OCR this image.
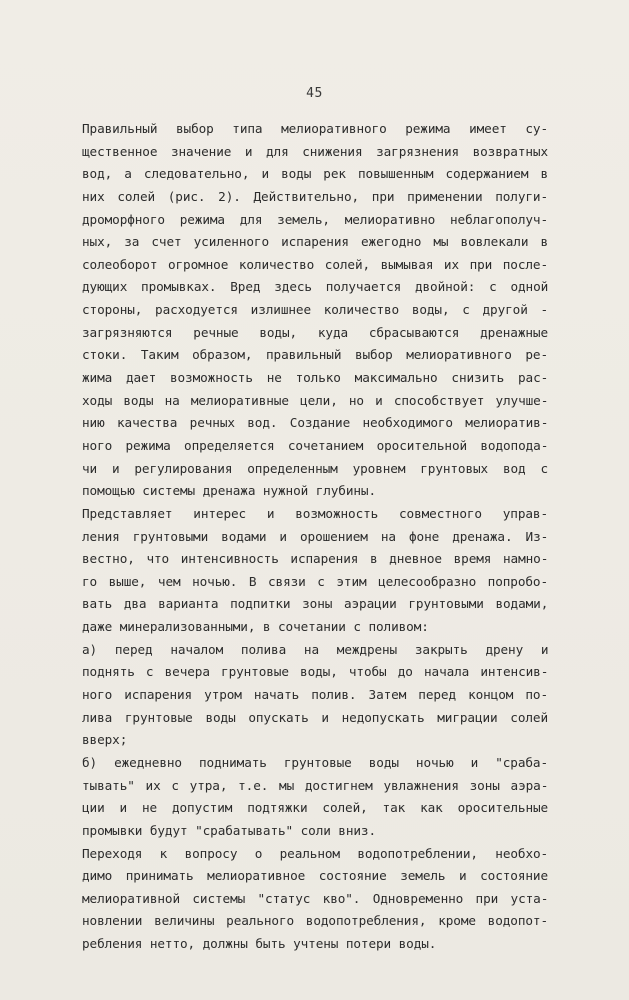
45
Правильный выбор типа мелиоративного режима имеет су-
щественное значение и для снижения загрязнения возвратных
вод, а следовательно, и воды рек повышенным содержанием в
них солей (рис. 2). Действительно, при применении полуги-
дроморфного режима для земель, мелиоративно неблагополуч-
ных, за счет усиленного испарения ежегодно мы вовлекали в
солеоборот огромное количество солей, вымывая их при после-
дующих промывках. Вред здесь получается двойной: с одной
стороны, расходуется излишнее количество воды, с другой -
загрязняются речные воды, куда сбрасываются дренажные
стоки. Таким образом, правильный выбор мелиоративного ре-
жима дает возможность не только максимально снизить рас-
ходы воды на мелиоративные цели, но и способствует улучше-
нию качества речных вод. Создание необходимого мелиоратив-
ного режима определяется сочетанием оросительной водопода-
чи и регулирования определенным уровнем грунтовых вод с
помощью системы дренажа нужной глубины.
Представляет интерес и возможность совместного управ-
ления грунтовыми водами и орошением на фоне дренажа. Из-
вестно, что интенсивность испарения в дневное время намно-
го выше, чем ночью. В связи с этим целесообразно попробо-
вать два варианта подпитки зоны аэрации грунтовыми водами,
даже минерализованными, в сочетании с поливом:
а) перед началом полива на междрены закрыть дрену и
поднять с вечера грунтовые воды, чтобы до начала интенсив-
ного испарения утром начать полив. Затем перед концом по-
лива грунтовые воды опускать и недопускать миграции солей
вверх;
б) ежедневно поднимать грунтовые воды ночью и "сраба-
тывать" их с утра, т.е. мы достигнем увлажнения зоны аэра-
ции и не допустим подтяжки солей, так как оросительные
промывки будут "срабатывать" соли вниз.
Переходя к вопросу о реальном водопотреблении, необхо-
димо принимать мелиоративное состояние земель и состояние
мелиоративной системы "статус кво". Одновременно при уста-
новлении величины реального водопотребления, кроме водопот-
ребления нетто, должны быть учтены потери воды.
